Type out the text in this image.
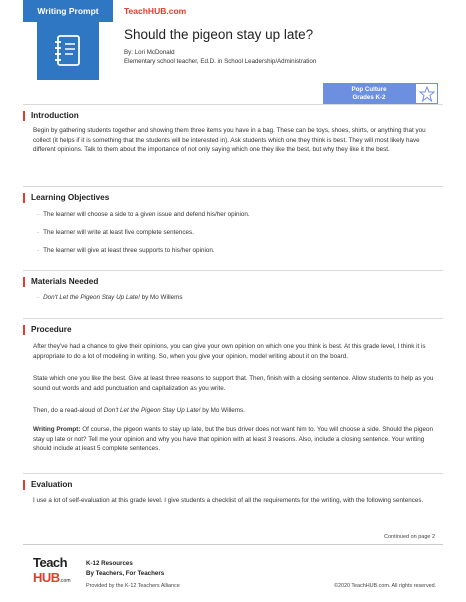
Writing Prompt	TeachHUB.com
Should the pigeon stay up late?
By: Lori McDonald
Elementary school teacher, Ed.D. in School Leadership/Administration
Pop Culture
Grades K-2
Introduction

Begin by gathering students together and showing them three items you have in a bag. These can be toys, shoes, shirts, or anything that you collect (it helps if it is something that the students will be interested in). Ask students which one they think is best. They will most likely have different opinions. Talk to them about the importance of not only saying which one they like the best, but why they like it the best.

Learning Objectives
· The learner will choose a side to a given issue and defend his/her opinion.
· The learner will write at least five complete sentences.
· The learner will give at least three supports to his/her opinion.
Materials Needed
· Don't Let the Pigeon Stay Up Late! by Mo Willems
Procedure

After they've had a chance to give their opinions, you can give your own opinion on which one you think is best. At this grade level, I think it is appropriate to do a lot of modeling in writing. So, when you give your opinion, model writing about it on the board.

State which one you like the best. Give at least three reasons to support that. Then, finish with a closing sentence. Allow students to help as you sound out words and add punctuation and capitalization as you write.

Then, do a read-aloud of Don't Let the Pigeon Stay Up Late! by Mo Willems.

Writing Prompt: Of course, the pigeon wants to stay up late, but the bus driver does not want him to. You will choose a side. Should the pigeon stay up late or not? Tell me your opinion and why you have that opinion with at least 3 reasons. Also, include a closing sentence. Your writing should include at least 5 complete sentences.

Evaluation

I use a lot of self-evaluation at this grade level. I give students a checklist of all the requirements for the writing, with the following sentences.

Continued on page 2
Teach
HUB.com
K-12 Resources
By Teachers, For Teachers
Provided by the K-12 Teachers Alliance	©2020 TeachHUB.com. All rights reserved.
